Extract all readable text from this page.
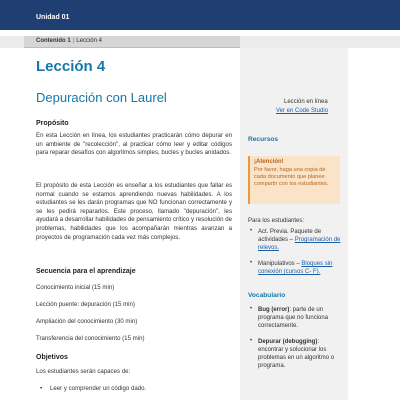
Unidad 01
Contenido 1 | Lección 4
Lección 4
Depuración con Laurel
Propósito
En esta Lección en línea, los estudiantes practicarán cómo depurar en un ambiente de "recolección", al practicar cómo leer y editar códigos para reparar desafíos con algoritmos simples, bucles y bucles anidados.
El propósito de esta Lección es enseñar a los estudiantes que fallar es normal cuando se estamos aprendiendo nuevas habilidades. A los estudiantes se les darán programas que NO funcionan correctamente y se les pedirá repararlos. Este proceso, llamado "depuración", les ayudará a desarrollar habilidades de pensamiento crítico y resolución de problemas, habilidades que los acompañarán mientras avanzan a proyectos de programación cada vez más complejos.
Secuencia para el aprendizaje
Conocimiento inicial (15 min)
Lección puente: depuración (15 min)
Ampliación del conocimiento (30 min)
Transferencia del conocimiento (15 min)
Objetivos
Los estudiantes serán capaces de:
• Leer y comprender un código dado.
Lección en línea
Ver en Code Studio
Recursos
¡Atención!
Por favor, haga una copia de cada documento que planee compartir con los estudiantes.
Para los estudiantes:
• Act. Previa. Paquete de actividades – Programación de relevos.
• Manipulativos – Bloques sin conexión (cursos C- F).
Vocabulario
• Bug (error): parte de un programa que no funciona correctamente.
• Depurar (debugging): encontrar y solucionar los problemas en un algoritmo o programa.
